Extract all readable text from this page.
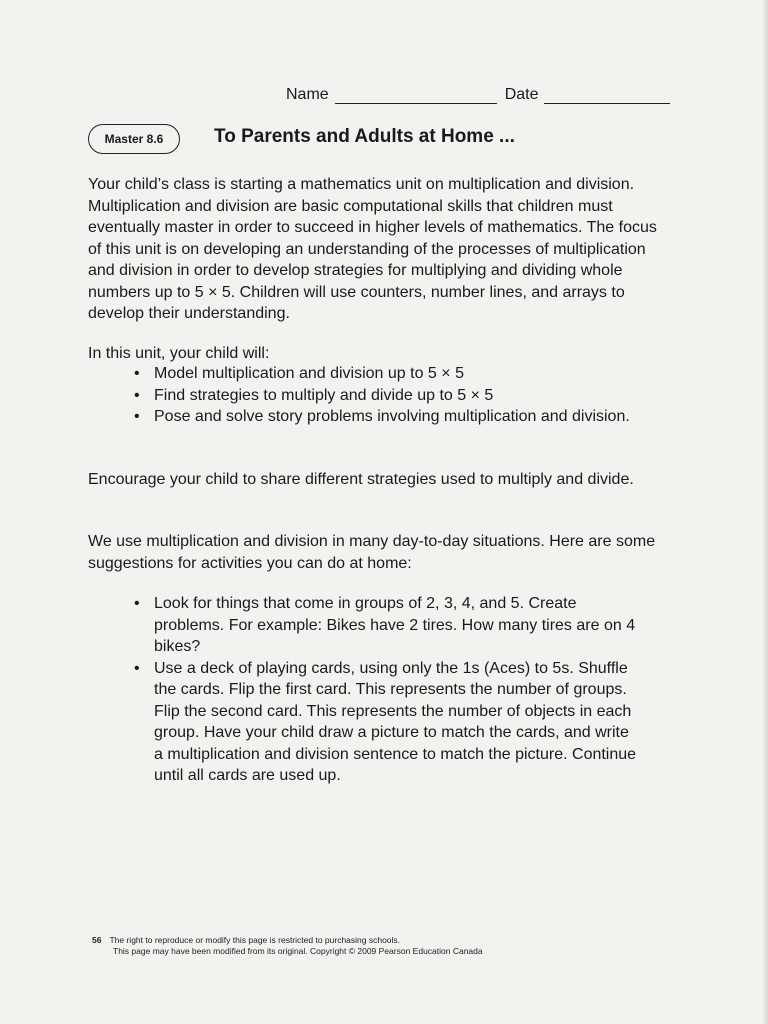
Name	Date
Master 8.6	To Parents and Adults at Home ...
Your child’s class is starting a mathematics unit on multiplication and division. Multiplication and division are basic computational skills that children must eventually master in order to succeed in higher levels of mathematics. The focus of this unit is on developing an understanding of the processes of multiplication and division in order to develop strategies for multiplying and dividing whole numbers up to 5 × 5. Children will use counters, number lines, and arrays to develop their understanding.
In this unit, your child will:
• Model multiplication and division up to 5 × 5
• Find strategies to multiply and divide up to 5 × 5
• Pose and solve story problems involving multiplication and division.
Encourage your child to share different strategies used to multiply and divide.
We use multiplication and division in many day-to-day situations. Here are some suggestions for activities you can do at home:
• Look for things that come in groups of 2, 3, 4, and 5. Create problems. For example: Bikes have 2 tires. How many tires are on 4 bikes?
• Use a deck of playing cards, using only the 1s (Aces) to 5s. Shuffle the cards. Flip the first card. This represents the number of groups. Flip the second card. This represents the number of objects in each group. Have your child draw a picture to match the cards, and write a multiplication and division sentence to match the picture. Continue until all cards are used up.
56 The right to reproduce or modify this page is restricted to purchasing schools.
This page may have been modified from its original. Copyright © 2009 Pearson Education Canada
